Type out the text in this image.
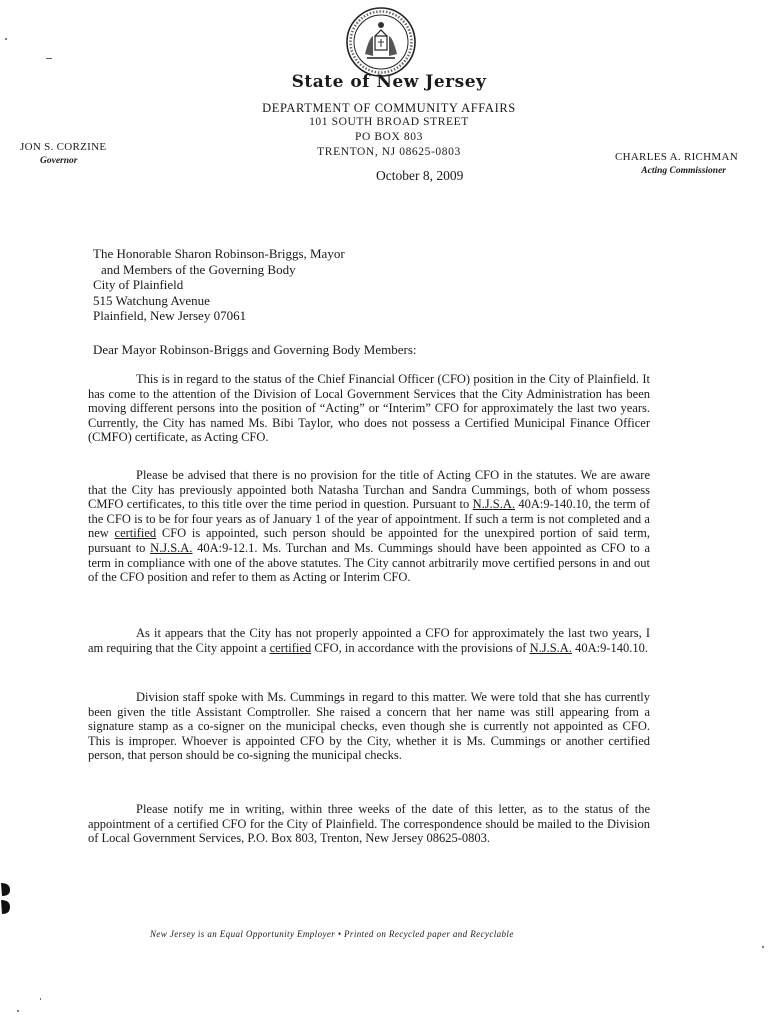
State of New Jersey
DEPARTMENT OF COMMUNITY AFFAIRS
101 SOUTH BROAD STREET
PO BOX 803
TRENTON, NJ 08625-0803
JON S. CORZINE
Governor	CHARLES A. RICHMAN
Acting Commissioner
October 8, 2009
The Honorable Sharon Robinson-Briggs, Mayor
and Members of the Governing Body
City of Plainfield
515 Watchung Avenue
Plainfield, New Jersey 07061
Dear Mayor Robinson-Briggs and Governing Body Members:

This is in regard to the status of the Chief Financial Officer (CFO) position in the City of Plainfield. It has come to the attention of the Division of Local Government Services that the City Administration has been moving different persons into the position of “Acting” or “Interim” CFO for approximately the last two years. Currently, the City has named Ms. Bibi Taylor, who does not possess a Certified Municipal Finance Officer (CMFO) certificate, as Acting CFO.

Please be advised that there is no provision for the title of Acting CFO in the statutes. We are aware that the City has previously appointed both Natasha Turchan and Sandra Cummings, both of whom possess CMFO certificates, to this title over the time period in question. Pursuant to N.J.S.A. 40A:9-140.10, the term of the CFO is to be for four years as of January 1 of the year of appointment. If such a term is not completed and a new certified CFO is appointed, such person should be appointed for the unexpired portion of said term, pursuant to N.J.S.A. 40A:9-12.1. Ms. Turchan and Ms. Cummings should have been appointed as CFO to a term in compliance with one of the above statutes. The City cannot arbitrarily move certified persons in and out of the CFO position and refer to them as Acting or Interim CFO.

As it appears that the City has not properly appointed a CFO for approximately the last two years, I am requiring that the City appoint a certified CFO, in accordance with the provisions of N.J.S.A. 40A:9-140.10.

Division staff spoke with Ms. Cummings in regard to this matter. We were told that she has currently been given the title Assistant Comptroller. She raised a concern that her name was still appearing from a signature stamp as a co-signer on the municipal checks, even though she is currently not appointed as CFO. This is improper. Whoever is appointed CFO by the City, whether it is Ms. Cummings or another certified person, that person should be co-signing the municipal checks.

Please notify me in writing, within three weeks of the date of this letter, as to the status of the appointment of a certified CFO for the City of Plainfield. The correspondence should be mailed to the Division of Local Government Services, P.O. Box 803, Trenton, New Jersey 08625-0803.

New Jersey is an Equal Opportunity Employer • Printed on Recycled paper and Recyclable
